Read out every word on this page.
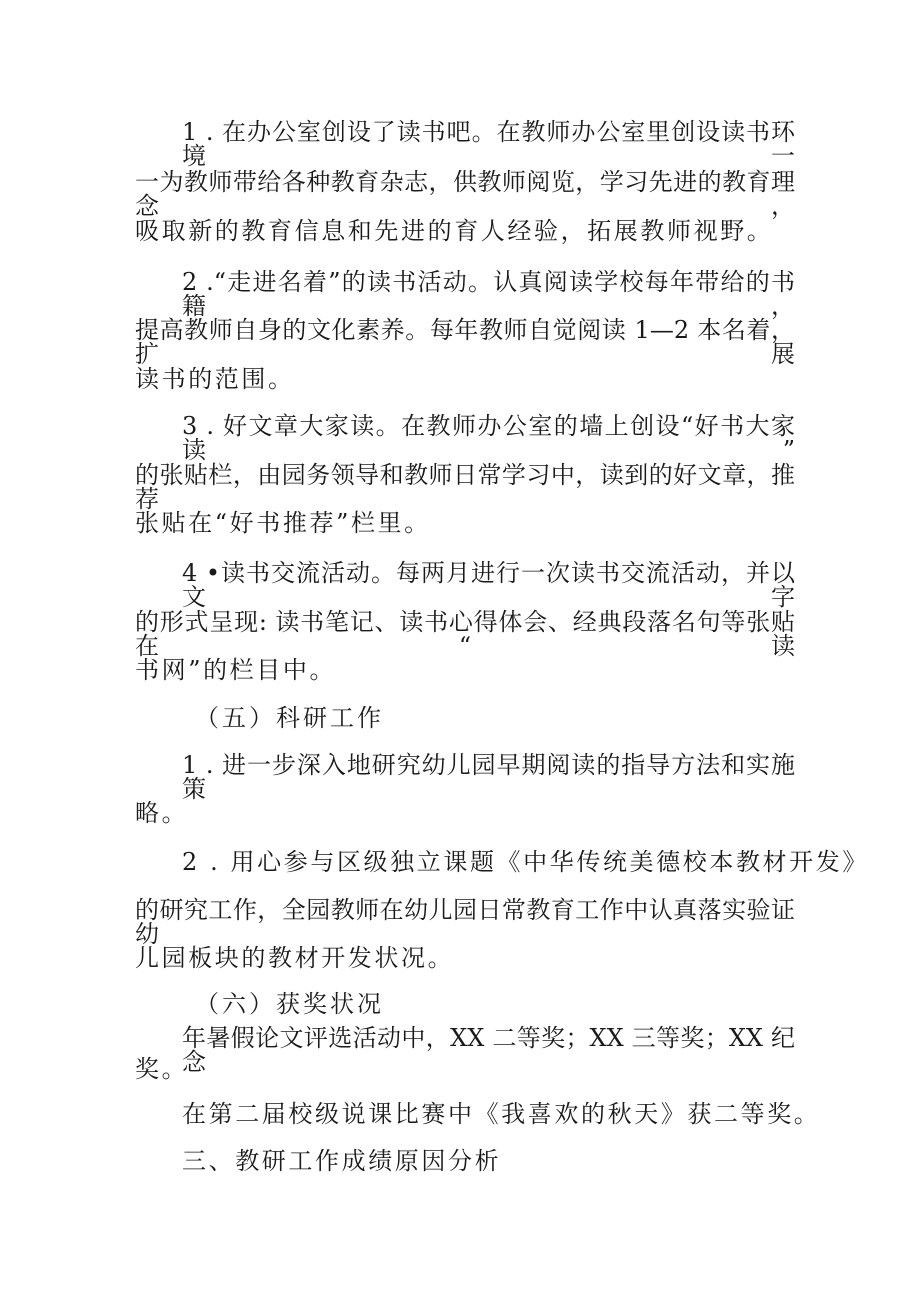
1 . 在办公室创设了读书吧。在教师办公室里创设读书环境一
一为教师带给各种教育杂志，供教师阅览，学习先进的教育理念，
吸取新的教育信息和先进的育人经验，拓展教师视野。
2 .“走进名着”的读书活动。认真阅读学校每年带给的书籍，
提高教师自身的文化素养。每年教师自觉阅读 1—2 本名着，扩展
读书的范围。
3 . 好文章大家读。在教师办公室的墙上创设“好书大家读”
的张贴栏，由园务领导和教师日常学习中，读到的好文章，推荐
张贴在“好书推荐”栏里。
4 •读书交流活动。每两月进行一次读书交流活动，并以文字
的形式呈现: 读书笔记、读书心得体会、经典段落名句等张贴在“读
书网”的栏目中。
（五）科研工作
1 . 进一步深入地研究幼儿园早期阅读的指导方法和实施策
略。
2 . 用心参与区级独立课题《中华传统美德校本教材开发》
的研究工作，全园教师在幼儿园日常教育工作中认真落实验证幼
儿园板块的教材开发状况。
（六）获奖状况
年暑假论文评选活动中，XX 二等奖；XX 三等奖；XX 纪念
奖。
在第二届校级说课比赛中《我喜欢的秋天》获二等奖。
三、教研工作成绩原因分析
